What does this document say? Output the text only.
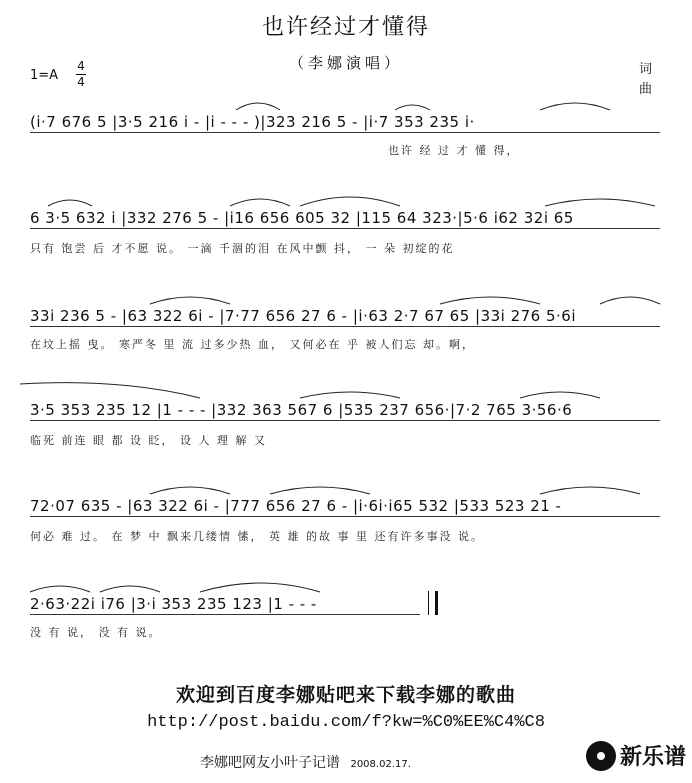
也许经过才懂得
（李娜演唱）
1=A
4
4
词
曲
(i·7 676 5 |3·5 216 i - |i - - - )|323 216 5 - |i·7 353 235 i·
也许 经 过 才 懂 得，
6 3·5 632 i |332 276 5 - |i16 656 605 32 |115 64 323·|5·6 i62 32i 65
只有 饱尝 后 才不愿 说。 一滴 千涸的泪 在风中颤 抖， 一 朵 初绽的花
33i 236 5 - |63 322 6i - |7·77 656 27 6 - |i·63 2·7 67 65 |33i 276 5·6i
在坟上摇 曳。 寒严冬 里 流 过多少热 血， 又何必在 乎 被人们忘 却。啊，
3·5 353 235 12 |1 - - - |332 363 567 6 |535 237 656·|7·2 765 3·56·6
临死 前连 眼 都 设 眨， 设 人 理 解 又
72·07 635 - |63 322 6i - |777 656 27 6 - |i·6i·i65 532 |533 523 21 -
何必 难 过。 在 梦 中 飘来几缕情 愫， 英 雄 的故 事 里 还有许多事没 说。
2·63·22i i76 |3·i 353 235 123 |1 - - -
没 有 说， 没 有 说。
欢迎到百度李娜贴吧来下载李娜的歌曲
http://post.baidu.com/f?kw=%C0%EE%C4%C8
李娜吧网友小叶子记谱 2008.02.17.	新乐谱
